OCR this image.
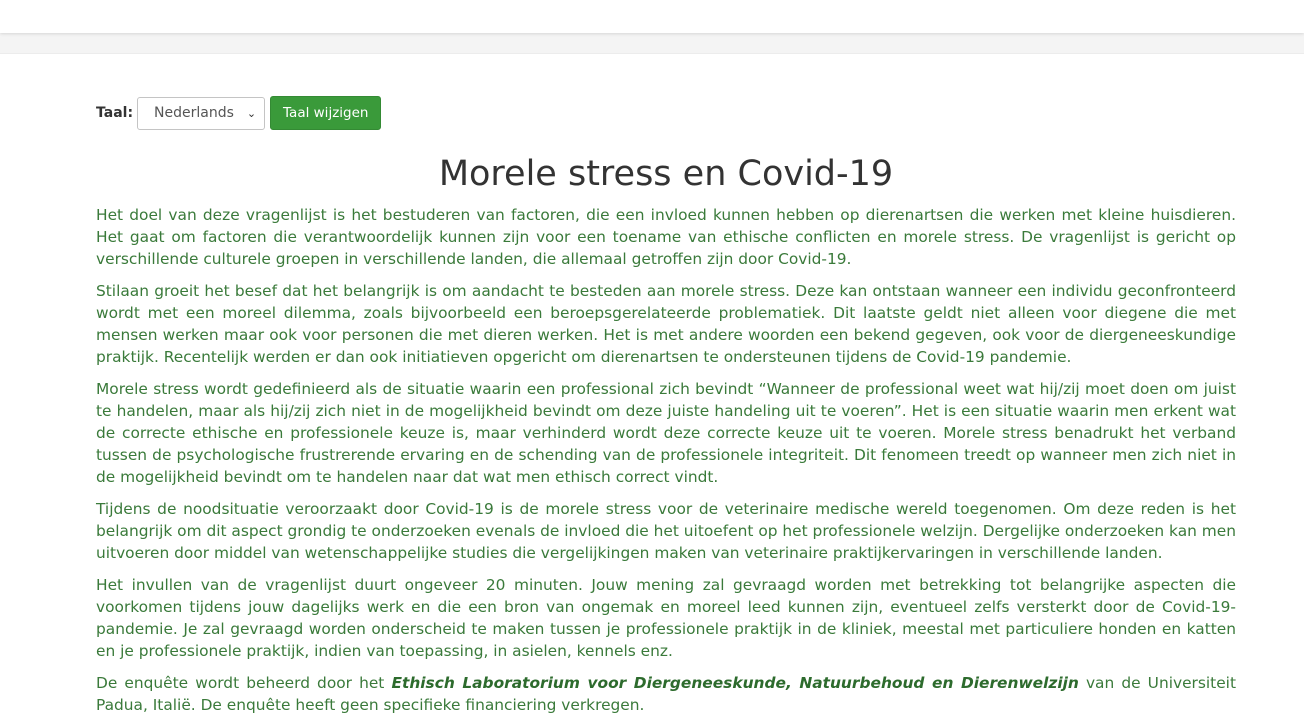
Taal: Nederlands ⌄	Taal wijzigen
Morele stress en Covid-19

Het doel van deze vragenlijst is het bestuderen van factoren, die een invloed kunnen hebben op dierenartsen die werken met kleine huisdieren. Het gaat om factoren die verantwoordelijk kunnen zijn voor een toename van ethische conflicten en morele stress. De vragenlijst is gericht op verschillende culturele groepen in verschillende landen, die allemaal getroffen zijn door Covid-19.

Stilaan groeit het besef dat het belangrijk is om aandacht te besteden aan morele stress. Deze kan ontstaan wanneer een individu geconfronteerd wordt met een moreel dilemma, zoals bijvoorbeeld een beroepsgerelateerde problematiek. Dit laatste geldt niet alleen voor diegene die met mensen werken maar ook voor personen die met dieren werken. Het is met andere woorden een bekend gegeven, ook voor de diergeneeskundige praktijk. Recentelijk werden er dan ook initiatieven opgericht om dierenartsen te ondersteunen tijdens de Covid-19 pandemie.

Morele stress wordt gedefinieerd als de situatie waarin een professional zich bevindt “Wanneer de professional weet wat hij/zij moet doen om juist te handelen, maar als hij/zij zich niet in de mogelijkheid bevindt om deze juiste handeling uit te voeren”. Het is een situatie waarin men erkent wat de correcte ethische en professionele keuze is, maar verhinderd wordt deze correcte keuze uit te voeren. Morele stress benadrukt het verband tussen de psychologische frustrerende ervaring en de schending van de professionele integriteit. Dit fenomeen treedt op wanneer men zich niet in de mogelijkheid bevindt om te handelen naar dat wat men ethisch correct vindt.

Tijdens de noodsituatie veroorzaakt door Covid-19 is de morele stress voor de veterinaire medische wereld toegenomen. Om deze reden is het belangrijk om dit aspect grondig te onderzoeken evenals de invloed die het uitoefent op het professionele welzijn. Dergelijke onderzoeken kan men uitvoeren door middel van wetenschappelijke studies die vergelijkingen maken van veterinaire praktijkervaringen in verschillende landen.

Het invullen van de vragenlijst duurt ongeveer 20 minuten. Jouw mening zal gevraagd worden met betrekking tot belangrijke aspecten die voorkomen tijdens jouw dagelijks werk en die een bron van ongemak en moreel leed kunnen zijn, eventueel zelfs versterkt door de Covid-19-pandemie. Je zal gevraagd worden onderscheid te maken tussen je professionele praktijk in de kliniek, meestal met particuliere honden en katten en je professionele praktijk, indien van toepassing, in asielen, kennels enz.

De enquête wordt beheerd door het Ethisch Laboratorium voor Diergeneeskunde, Natuurbehoud en Dierenwelzijn van de Universiteit Padua, Italië. De enquête heeft geen specifieke financiering verkregen.
